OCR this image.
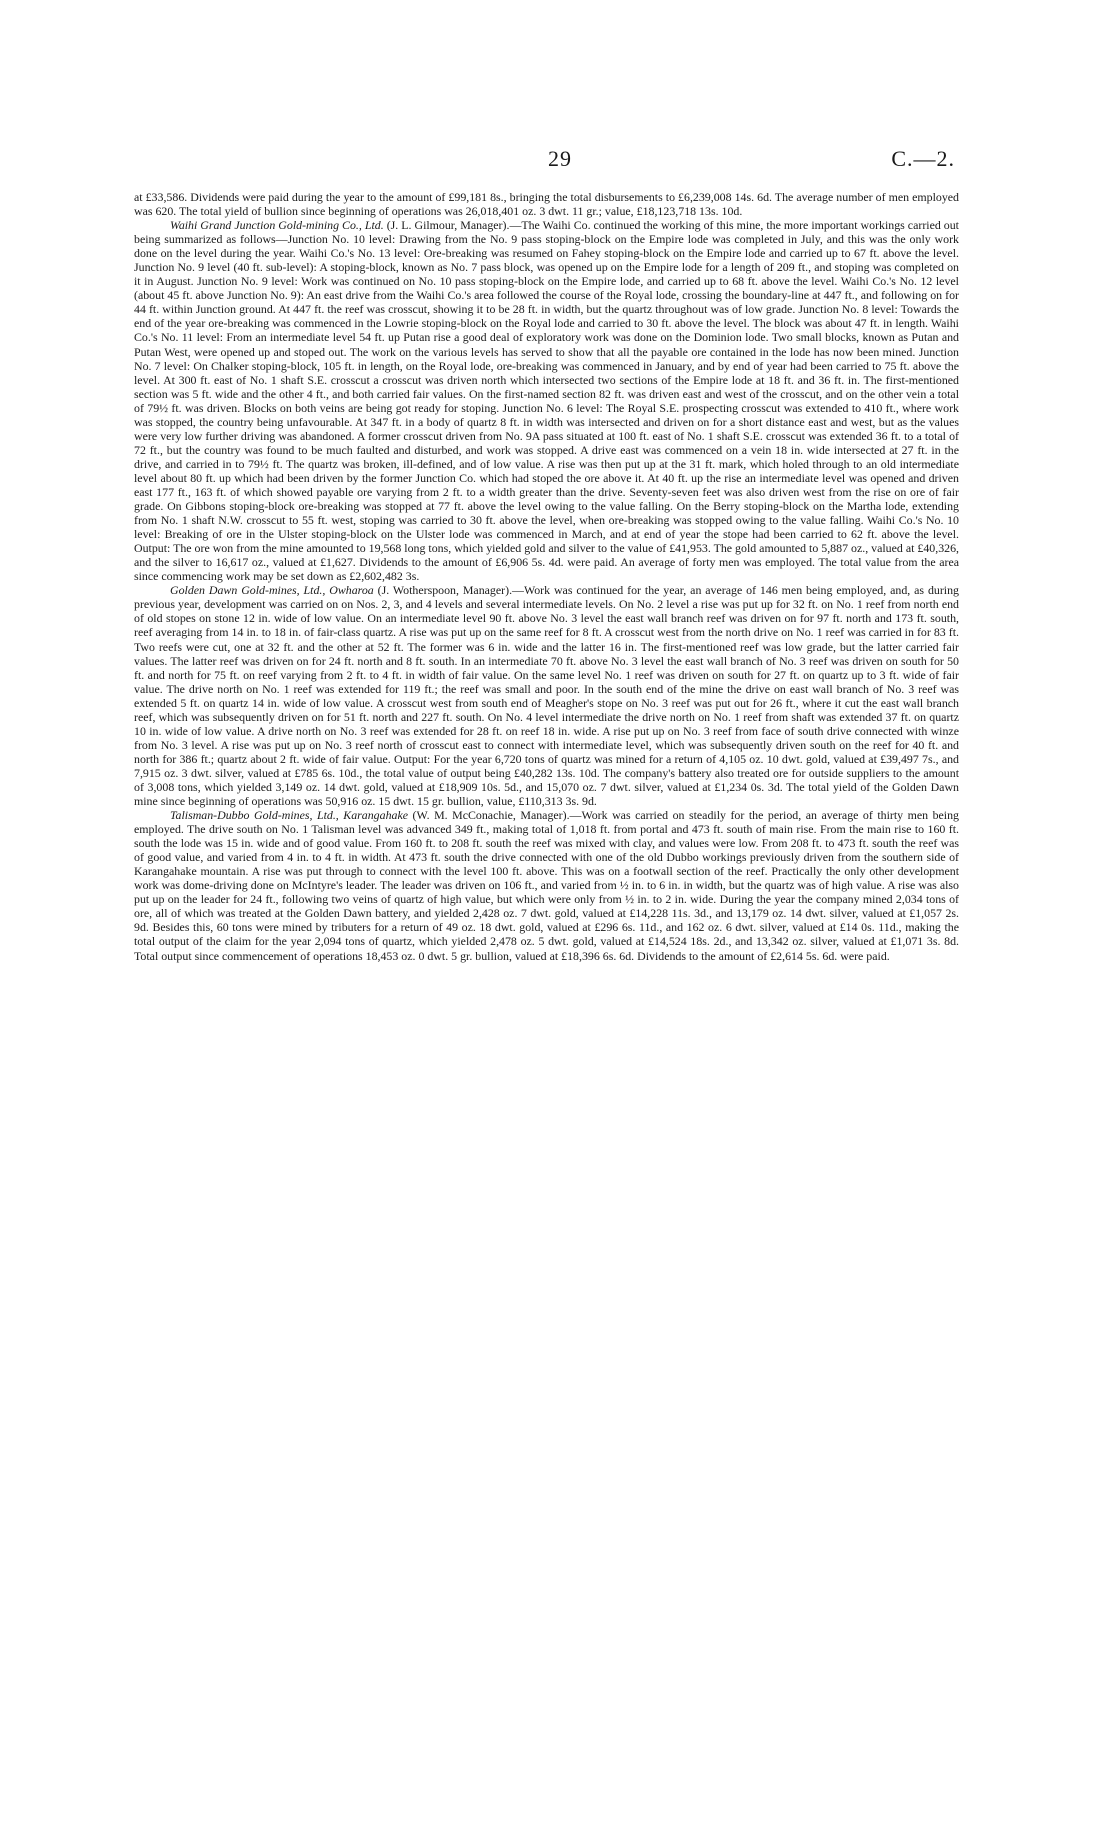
29	C.—2.

at £33,586. Dividends were paid during the year to the amount of £99,181 8s., bringing the total disbursements to £6,239,008 14s. 6d. The average number of men employed was 620. The total yield of bullion since beginning of operations was 26,018,401 oz. 3 dwt. 11 gr.; value, £18,123,718 13s. 10d.

Waihi Grand Junction Gold-mining Co., Ltd. (J. L. Gilmour, Manager).—The Waihi Co. continued the working of this mine, the more important workings carried out being summarized as follows—Junction No. 10 level: Drawing from the No. 9 pass stoping-block on the Empire lode was completed in July, and this was the only work done on the level during the year. Waihi Co.'s No. 13 level: Ore-breaking was resumed on Fahey stoping-block on the Empire lode and carried up to 67 ft. above the level. Junction No. 9 level (40 ft. sub-level): A stoping-block, known as No. 7 pass block, was opened up on the Empire lode for a length of 209 ft., and stoping was completed on it in August. Junction No. 9 level: Work was continued on No. 10 pass stoping-block on the Empire lode, and carried up to 68 ft. above the level. Waihi Co.'s No. 12 level (about 45 ft. above Junction No. 9): An east drive from the Waihi Co.'s area followed the course of the Royal lode, crossing the boundary-line at 447 ft., and following on for 44 ft. within Junction ground. At 447 ft. the reef was crosscut, showing it to be 28 ft. in width, but the quartz throughout was of low grade. Junction No. 8 level: Towards the end of the year ore-breaking was commenced in the Lowrie stoping-block on the Royal lode and carried to 30 ft. above the level. The block was about 47 ft. in length. Waihi Co.'s No. 11 level: From an intermediate level 54 ft. up Putan rise a good deal of exploratory work was done on the Dominion lode. Two small blocks, known as Putan and Putan West, were opened up and stoped out. The work on the various levels has served to show that all the payable ore contained in the lode has now been mined. Junction No. 7 level: On Chalker stoping-block, 105 ft. in length, on the Royal lode, ore-breaking was commenced in January, and by end of year had been carried to 75 ft. above the level. At 300 ft. east of No. 1 shaft S.E. crosscut a crosscut was driven north which intersected two sections of the Empire lode at 18 ft. and 36 ft. in. The first-mentioned section was 5 ft. wide and the other 4 ft., and both carried fair values. On the first-named section 82 ft. was driven east and west of the crosscut, and on the other vein a total of 79½ ft. was driven. Blocks on both veins are being got ready for stoping. Junction No. 6 level: The Royal S.E. prospecting crosscut was extended to 410 ft., where work was stopped, the country being unfavourable. At 347 ft. in a body of quartz 8 ft. in width was intersected and driven on for a short distance east and west, but as the values were very low further driving was abandoned. A former crosscut driven from No. 9A pass situated at 100 ft. east of No. 1 shaft S.E. crosscut was extended 36 ft. to a total of 72 ft., but the country was found to be much faulted and disturbed, and work was stopped. A drive east was commenced on a vein 18 in. wide intersected at 27 ft. in the drive, and carried in to 79½ ft. The quartz was broken, ill-defined, and of low value. A rise was then put up at the 31 ft. mark, which holed through to an old intermediate level about 80 ft. up which had been driven by the former Junction Co. which had stoped the ore above it. At 40 ft. up the rise an intermediate level was opened and driven east 177 ft., 163 ft. of which showed payable ore varying from 2 ft. to a width greater than the drive. Seventy-seven feet was also driven west from the rise on ore of fair grade. On Gibbons stoping-block ore-breaking was stopped at 77 ft. above the level owing to the value falling. On the Berry stoping-block on the Martha lode, extending from No. 1 shaft N.W. crosscut to 55 ft. west, stoping was carried to 30 ft. above the level, when ore-breaking was stopped owing to the value falling. Waihi Co.'s No. 10 level: Breaking of ore in the Ulster stoping-block on the Ulster lode was commenced in March, and at end of year the stope had been carried to 62 ft. above the level. Output: The ore won from the mine amounted to 19,568 long tons, which yielded gold and silver to the value of £41,953. The gold amounted to 5,887 oz., valued at £40,326, and the silver to 16,617 oz., valued at £1,627. Dividends to the amount of £6,906 5s. 4d. were paid. An average of forty men was employed. The total value from the area since commencing work may be set down as £2,602,482 3s.

Golden Dawn Gold-mines, Ltd., Owharoa (J. Wotherspoon, Manager).—Work was continued for the year, an average of 146 men being employed, and, as during previous year, development was carried on on Nos. 2, 3, and 4 levels and several intermediate levels. On No. 2 level a rise was put up for 32 ft. on No. 1 reef from north end of old stopes on stone 12 in. wide of low value. On an intermediate level 90 ft. above No. 3 level the east wall branch reef was driven on for 97 ft. north and 173 ft. south, reef averaging from 14 in. to 18 in. of fair-class quartz. A rise was put up on the same reef for 8 ft. A crosscut west from the north drive on No. 1 reef was carried in for 83 ft. Two reefs were cut, one at 32 ft. and the other at 52 ft. The former was 6 in. wide and the latter 16 in. The first-mentioned reef was low grade, but the latter carried fair values. The latter reef was driven on for 24 ft. north and 8 ft. south. In an intermediate 70 ft. above No. 3 level the east wall branch of No. 3 reef was driven on south for 50 ft. and north for 75 ft. on reef varying from 2 ft. to 4 ft. in width of fair value. On the same level No. 1 reef was driven on south for 27 ft. on quartz up to 3 ft. wide of fair value. The drive north on No. 1 reef was extended for 119 ft.; the reef was small and poor. In the south end of the mine the drive on east wall branch of No. 3 reef was extended 5 ft. on quartz 14 in. wide of low value. A crosscut west from south end of Meagher's stope on No. 3 reef was put out for 26 ft., where it cut the east wall branch reef, which was subsequently driven on for 51 ft. north and 227 ft. south. On No. 4 level intermediate the drive north on No. 1 reef from shaft was extended 37 ft. on quartz 10 in. wide of low value. A drive north on No. 3 reef was extended for 28 ft. on reef 18 in. wide. A rise put up on No. 3 reef from face of south drive connected with winze from No. 3 level. A rise was put up on No. 3 reef north of crosscut east to connect with intermediate level, which was subsequently driven south on the reef for 40 ft. and north for 386 ft.; quartz about 2 ft. wide of fair value. Output: For the year 6,720 tons of quartz was mined for a return of 4,105 oz. 10 dwt. gold, valued at £39,497 7s., and 7,915 oz. 3 dwt. silver, valued at £785 6s. 10d., the total value of output being £40,282 13s. 10d. The company's battery also treated ore for outside suppliers to the amount of 3,008 tons, which yielded 3,149 oz. 14 dwt. gold, valued at £18,909 10s. 5d., and 15,070 oz. 7 dwt. silver, valued at £1,234 0s. 3d. The total yield of the Golden Dawn mine since beginning of operations was 50,916 oz. 15 dwt. 15 gr. bullion, value, £110,313 3s. 9d.

Talisman-Dubbo Gold-mines, Ltd., Karangahake (W. M. McConachie, Manager).—Work was carried on steadily for the period, an average of thirty men being employed. The drive south on No. 1 Talisman level was advanced 349 ft., making total of 1,018 ft. from portal and 473 ft. south of main rise. From the main rise to 160 ft. south the lode was 15 in. wide and of good value. From 160 ft. to 208 ft. south the reef was mixed with clay, and values were low. From 208 ft. to 473 ft. south the reef was of good value, and varied from 4 in. to 4 ft. in width. At 473 ft. south the drive connected with one of the old Dubbo workings previously driven from the southern side of Karangahake mountain. A rise was put through to connect with the level 100 ft. above. This was on a footwall section of the reef. Practically the only other development work was dome-driving done on McIntyre's leader. The leader was driven on 106 ft., and varied from ½ in. to 6 in. in width, but the quartz was of high value. A rise was also put up on the leader for 24 ft., following two veins of quartz of high value, but which were only from ½ in. to 2 in. wide. During the year the company mined 2,034 tons of ore, all of which was treated at the Golden Dawn battery, and yielded 2,428 oz. 7 dwt. gold, valued at £14,228 11s. 3d., and 13,179 oz. 14 dwt. silver, valued at £1,057 2s. 9d. Besides this, 60 tons were mined by tributers for a return of 49 oz. 18 dwt. gold, valued at £296 6s. 11d., and 162 oz. 6 dwt. silver, valued at £14 0s. 11d., making the total output of the claim for the year 2,094 tons of quartz, which yielded 2,478 oz. 5 dwt. gold, valued at £14,524 18s. 2d., and 13,342 oz. silver, valued at £1,071 3s. 8d. Total output since commencement of operations 18,453 oz. 0 dwt. 5 gr. bullion, valued at £18,396 6s. 6d. Dividends to the amount of £2,614 5s. 6d. were paid.
